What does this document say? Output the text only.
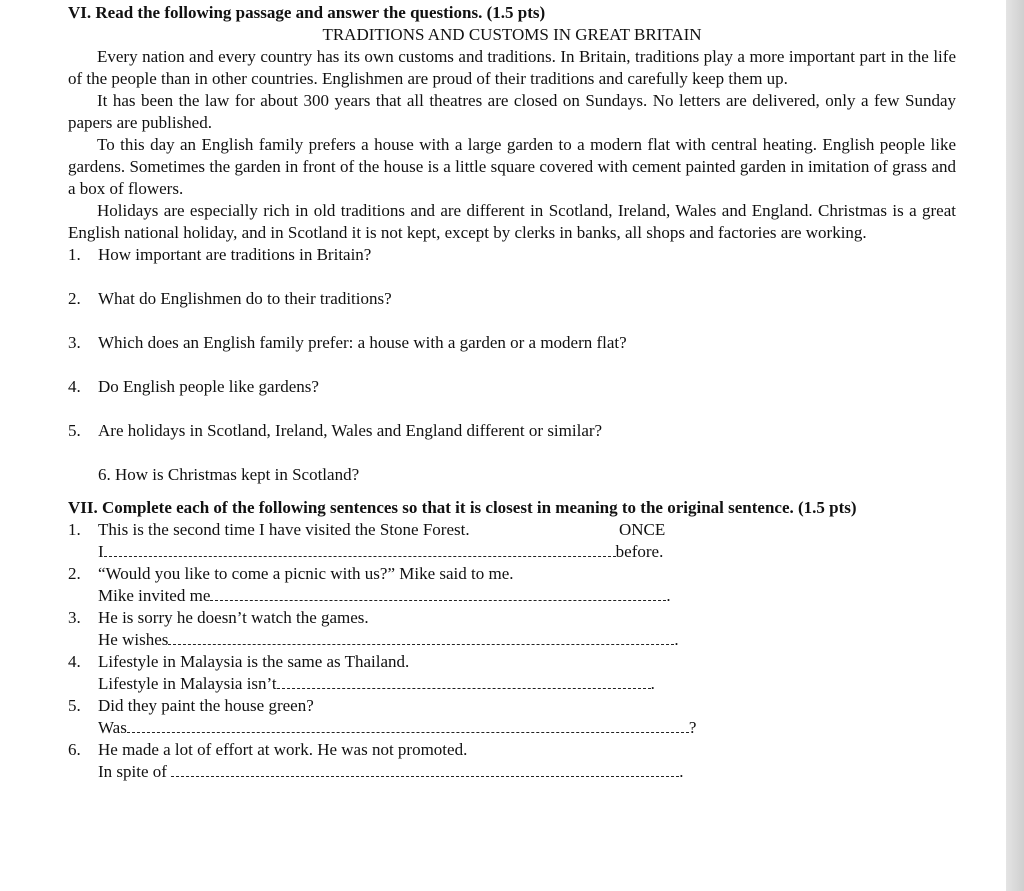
VI. Read the following passage and answer the questions. (1.5 pts)

TRADITIONS AND CUSTOMS IN GREAT BRITAIN

Every nation and every country has its own customs and traditions. In Britain, traditions play a more important part in the life of the people than in other countries. Englishmen are proud of their traditions and carefully keep them up.

It has been the law for about 300 years that all theatres are closed on Sundays. No letters are delivered, only a few Sunday papers are published.

To this day an English family prefers a house with a large garden to a modern flat with central heating. English people like gardens. Sometimes the garden in front of the house is a little square covered with cement painted garden in imitation of grass and a box of flowers.

Holidays are especially rich in old traditions and are different in Scotland, Ireland, Wales and England. Christmas is a great English national holiday, and in Scotland it is not kept, except by clerks in banks, all shops and factories are working.

1. How important are traditions in Britain?
2. What do Englishmen do to their traditions?
3. Which does an English family prefer: a house with a garden or a modern flat?
4. Do English people like gardens?
5. Are holidays in Scotland, Ireland, Wales and England different or similar?

6. How is Christmas kept in Scotland?

VII. Complete each of the following sentences so that it is closest in meaning to the original sentence. (1.5 pts)

1. This is the second time I have visited the Stone Forest.	ONCE
I	before.
2. “Would you like to come a picnic with us?” Mike said to me.
Mike invited me	.
3. He is sorry he doesn’t watch the games.
He wishes	.
4. Lifestyle in Malaysia is the same as Thailand.
Lifestyle in Malaysia isn’t	.
5. Did they paint the house green?
Was	?
6. He made a lot of effort at work. He was not promoted.
In spite of	.
